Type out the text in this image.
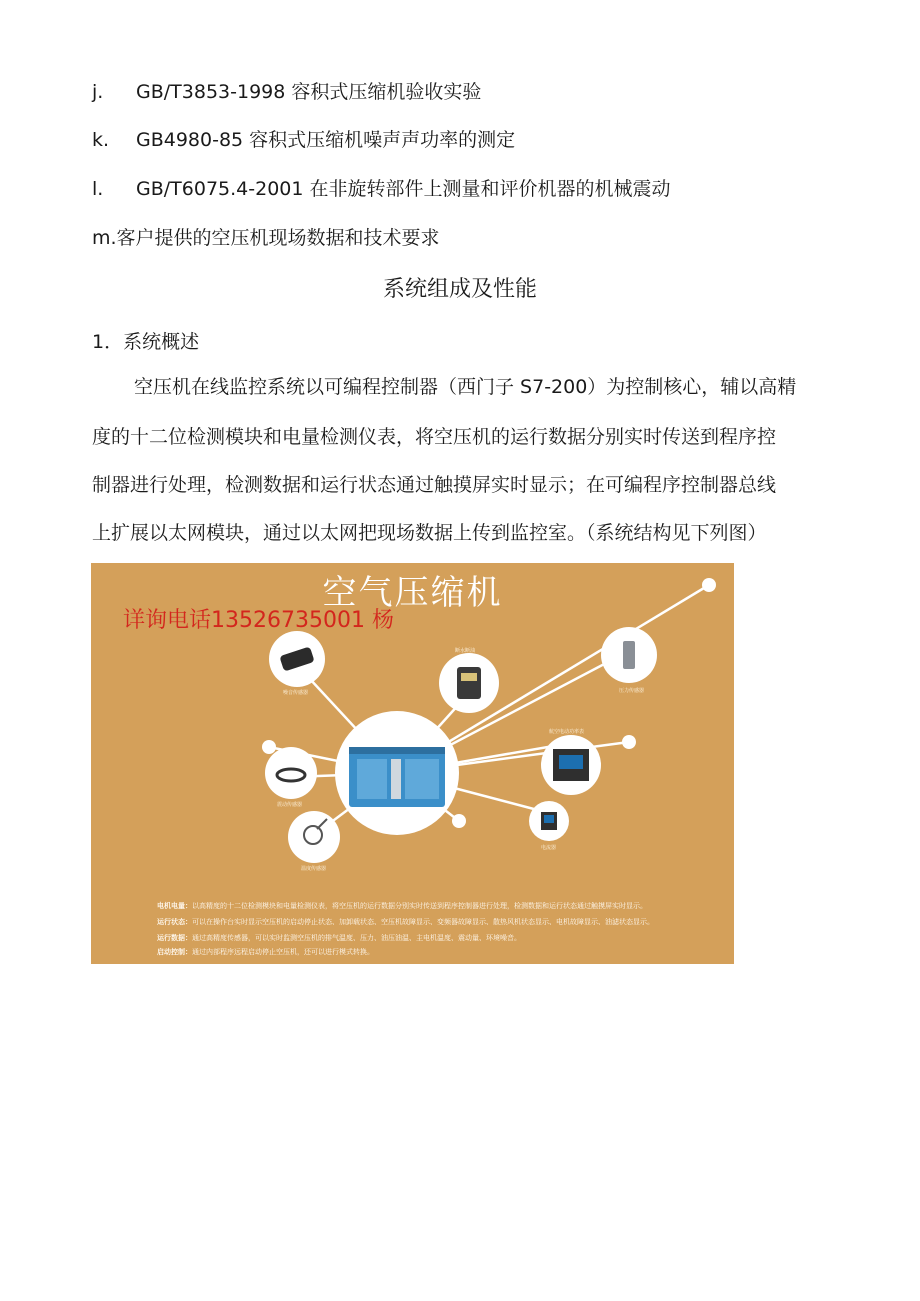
j. GB/T3853-1998 容积式压缩机验收实验
k. GB4980-85 容积式压缩机噪声声功率的测定
l. GB/T6075.4-2001 在非旋转部件上测量和评价机器的机械震动
m.客户提供的空压机现场数据和技术要求
系统组成及性能
1．系统概述
空压机在线监控系统以可编程控制器（西门子 S7-200）为控制核心，辅以高精
度的十二位检测模块和电量检测仪表，将空压机的运行数据分别实时传送到程序控
制器进行处理，检测数据和运行状态通过触摸屏实时显示；在可编程序控制器总线
上扩展以太网模块，通过以太网把现场数据上传到监控室。（系统结构见下列图）
空气压缩机
详询电话13526735001 杨
噪音传感器
断水断油
压力传感器
航空电动功率表
震动传感器
温度传感器
电流器
电机电量：以高精度的十二位检测模块和电量检测仪表，将空压机的运行数据分别实时传送到程序控制器进行处理，检测数据和运行状态通过触摸屏实时显示。
运行状态：可以在操作台实时显示空压机的启动停止状态、加卸载状态、空压机故障显示、变频器故障显示、散热风机状态显示、电机故障显示、油滤状态显示。
运行数据：通过高精度传感器，可以实时监测空压机的排气温度、压力、油压油温、主电机温度、震动量、环境噪音。
启动控制：通过内部程序远程启动停止空压机，还可以进行模式转换。
